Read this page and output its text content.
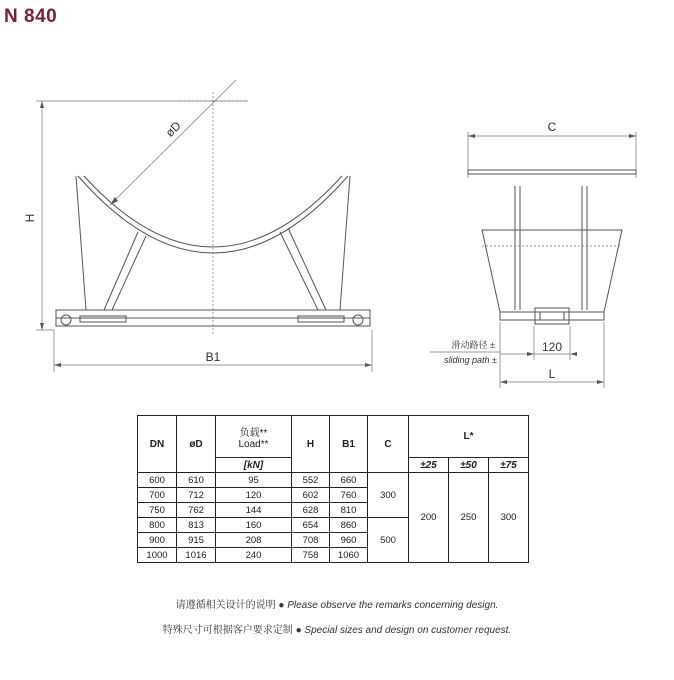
N 840
H
øD
B1
C
120
滑动路径 ±
sliding path ±
L
DN	øD	负载**
Load**	H	B1	C	L*		
		[kN]				±25	±50	±75
600	610	95	552	660	300	200	250	300
700	712	120	602	760				
750	762	144	628	810				
800	813	160	654	860	500			
900	915	208	708	960				
1000	1016	240	758	1060				
请遵循相关设计的说明 ● Please observe the remarks concerning design.
特殊尺寸可根据客户要求定制 ● Special sizes and design on customer request.
